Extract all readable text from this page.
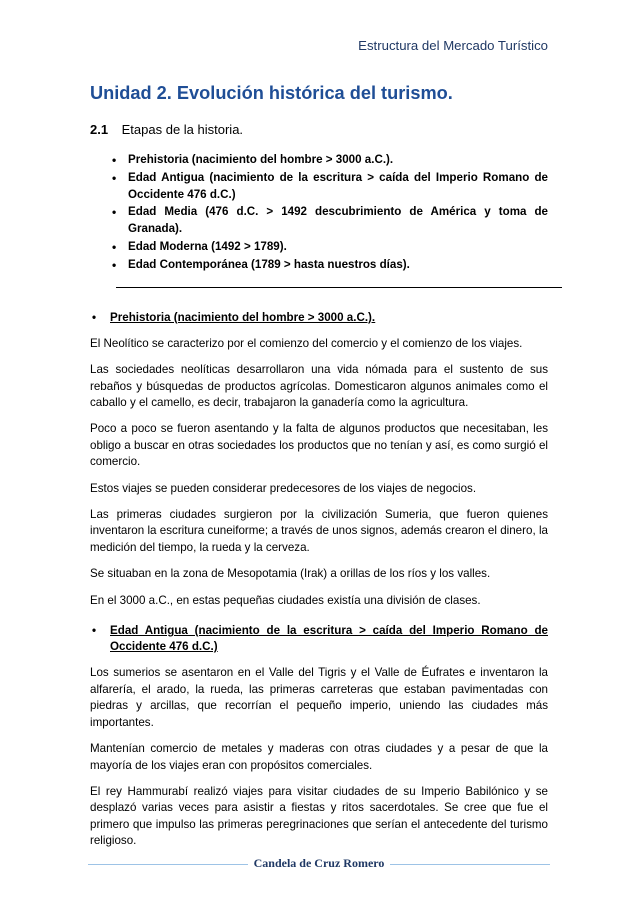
Estructura del Mercado Turístico
Unidad 2. Evolución histórica del turismo.
2.1 Etapas de la historia.
• Prehistoria (nacimiento del hombre > 3000 a.C.).
• Edad Antigua (nacimiento de la escritura > caída del Imperio Romano de Occidente 476 d.C.)
• Edad Media (476 d.C. > 1492 descubrimiento de América y toma de Granada).
• Edad Moderna (1492 > 1789).
• Edad Contemporánea (1789 > hasta nuestros días).
• Prehistoria (nacimiento del hombre > 3000 a.C.).

El Neolítico se caracterizo por el comienzo del comercio y el comienzo de los viajes.

Las sociedades neolíticas desarrollaron una vida nómada para el sustento de sus rebaños y búsquedas de productos agrícolas. Domesticaron algunos animales como el caballo y el camello, es decir, trabajaron la ganadería como la agricultura.

Poco a poco se fueron asentando y la falta de algunos productos que necesitaban, les obligo a buscar en otras sociedades los productos que no tenían y así, es como surgió el comercio.

Estos viajes se pueden considerar predecesores de los viajes de negocios.

Las primeras ciudades surgieron por la civilización Sumeria, que fueron quienes inventaron la escritura cuneiforme; a través de unos signos, además crearon el dinero, la medición del tiempo, la rueda y la cerveza.

Se situaban en la zona de Mesopotamia (Irak) a orillas de los ríos y los valles.

En el 3000 a.C., en estas pequeñas ciudades existía una división de clases.

• Edad Antigua (nacimiento de la escritura > caída del Imperio Romano de Occidente 476 d.C.)

Los sumerios se asentaron en el Valle del Tigris y el Valle de Éufrates e inventaron la alfarería, el arado, la rueda, las primeras carreteras que estaban pavimentadas con piedras y arcillas, que recorrían el pequeño imperio, uniendo las ciudades más importantes.

Mantenían comercio de metales y maderas con otras ciudades y a pesar de que la mayoría de los viajes eran con propósitos comerciales.

El rey Hammurabí realizó viajes para visitar ciudades de su Imperio Babilónico y se desplazó varias veces para asistir a fiestas y ritos sacerdotales. Se cree que fue el primero que impulso las primeras peregrinaciones que serían el antecedente del turismo religioso.

Candela de Cruz Romero
